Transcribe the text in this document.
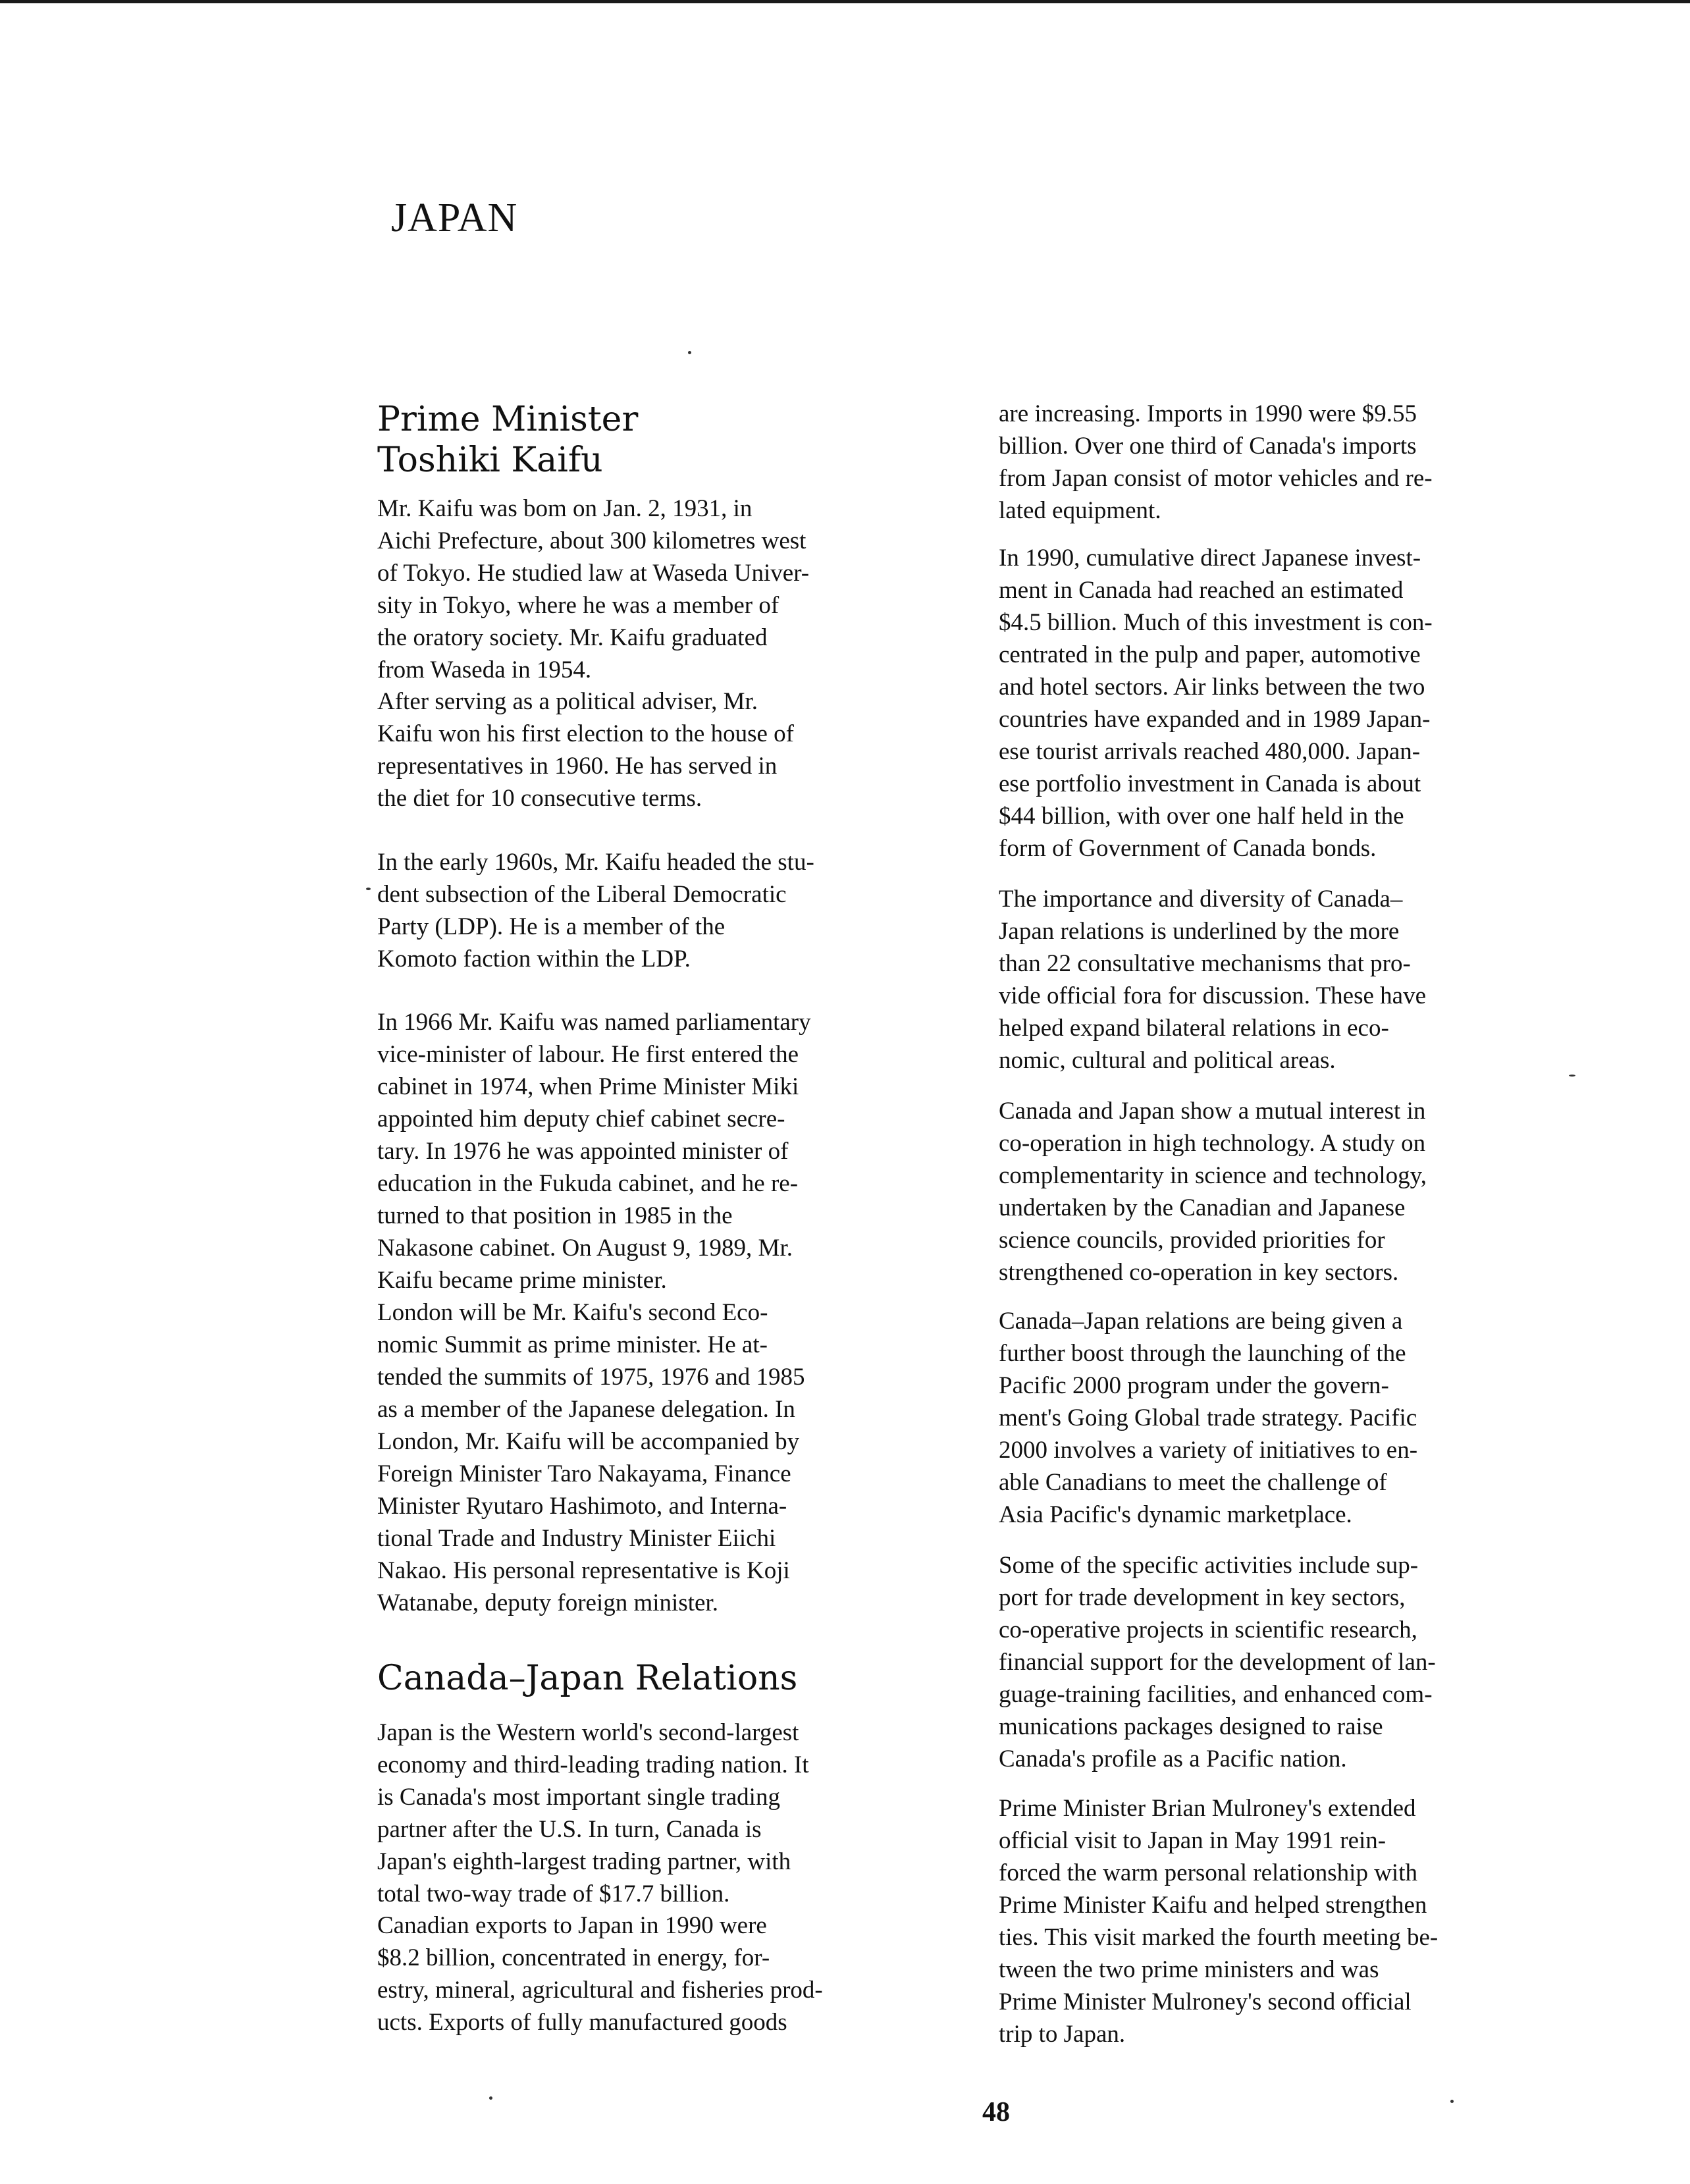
JAPAN
Prime Minister
Toshiki Kaifu

Mr. Kaifu was bom on Jan. 2, 1931, in
Aichi Prefecture, about 300 kilometres west
of Tokyo. He studied law at Waseda Univer-
sity in Tokyo, where he was a member of
the oratory society. Mr. Kaifu graduated
from Waseda in 1954.

After serving as a political adviser, Mr.
Kaifu won his first election to the house of
representatives in 1960. He has served in
the diet for 10 consecutive terms.

In the early 1960s, Mr. Kaifu headed the stu-
dent subsection of the Liberal Democratic
Party (LDP). He is a member of the
Komoto faction within the LDP.

In 1966 Mr. Kaifu was named parliamentary
vice-minister of labour. He first entered the
cabinet in 1974, when Prime Minister Miki
appointed him deputy chief cabinet secre-
tary. In 1976 he was appointed minister of
education in the Fukuda cabinet, and he re-
turned to that position in 1985 in the
Nakasone cabinet. On August 9, 1989, Mr.
Kaifu became prime minister.

London will be Mr. Kaifu's second Eco-
nomic Summit as prime minister. He at-
tended the summits of 1975, 1976 and 1985
as a member of the Japanese delegation. In
London, Mr. Kaifu will be accompanied by
Foreign Minister Taro Nakayama, Finance
Minister Ryutaro Hashimoto, and Interna-
tional Trade and Industry Minister Eiichi
Nakao. His personal representative is Koji
Watanabe, deputy foreign minister.

Canada–Japan Relations

Japan is the Western world's second-largest
economy and third-leading trading nation. It
is Canada's most important single trading
partner after the U.S. In turn, Canada is
Japan's eighth-largest trading partner, with
total two-way trade of $17.7 billion.

Canadian exports to Japan in 1990 were
$8.2 billion, concentrated in energy, for-
estry, mineral, agricultural and fisheries prod-
ucts. Exports of fully manufactured goods

are increasing. Imports in 1990 were $9.55
billion. Over one third of Canada's imports
from Japan consist of motor vehicles and re-
lated equipment.

In 1990, cumulative direct Japanese invest-
ment in Canada had reached an estimated
$4.5 billion. Much of this investment is con-
centrated in the pulp and paper, automotive
and hotel sectors. Air links between the two
countries have expanded and in 1989 Japan-
ese tourist arrivals reached 480,000. Japan-
ese portfolio investment in Canada is about
$44 billion, with over one half held in the
form of Government of Canada bonds.

The importance and diversity of Canada–
Japan relations is underlined by the more
than 22 consultative mechanisms that pro-
vide official fora for discussion. These have
helped expand bilateral relations in eco-
nomic, cultural and political areas.

Canada and Japan show a mutual interest in
co-operation in high technology. A study on
complementarity in science and technology,
undertaken by the Canadian and Japanese
science councils, provided priorities for
strengthened co-operation in key sectors.

Canada–Japan relations are being given a
further boost through the launching of the
Pacific 2000 program under the govern-
ment's Going Global trade strategy. Pacific
2000 involves a variety of initiatives to en-
able Canadians to meet the challenge of
Asia Pacific's dynamic marketplace.

Some of the specific activities include sup-
port for trade development in key sectors,
co-operative projects in scientific research,
financial support for the development of lan-
guage-training facilities, and enhanced com-
munications packages designed to raise
Canada's profile as a Pacific nation.

Prime Minister Brian Mulroney's extended
official visit to Japan in May 1991 rein-
forced the warm personal relationship with
Prime Minister Kaifu and helped strengthen
ties. This visit marked the fourth meeting be-
tween the two prime ministers and was
Prime Minister Mulroney's second official
trip to Japan.

48
